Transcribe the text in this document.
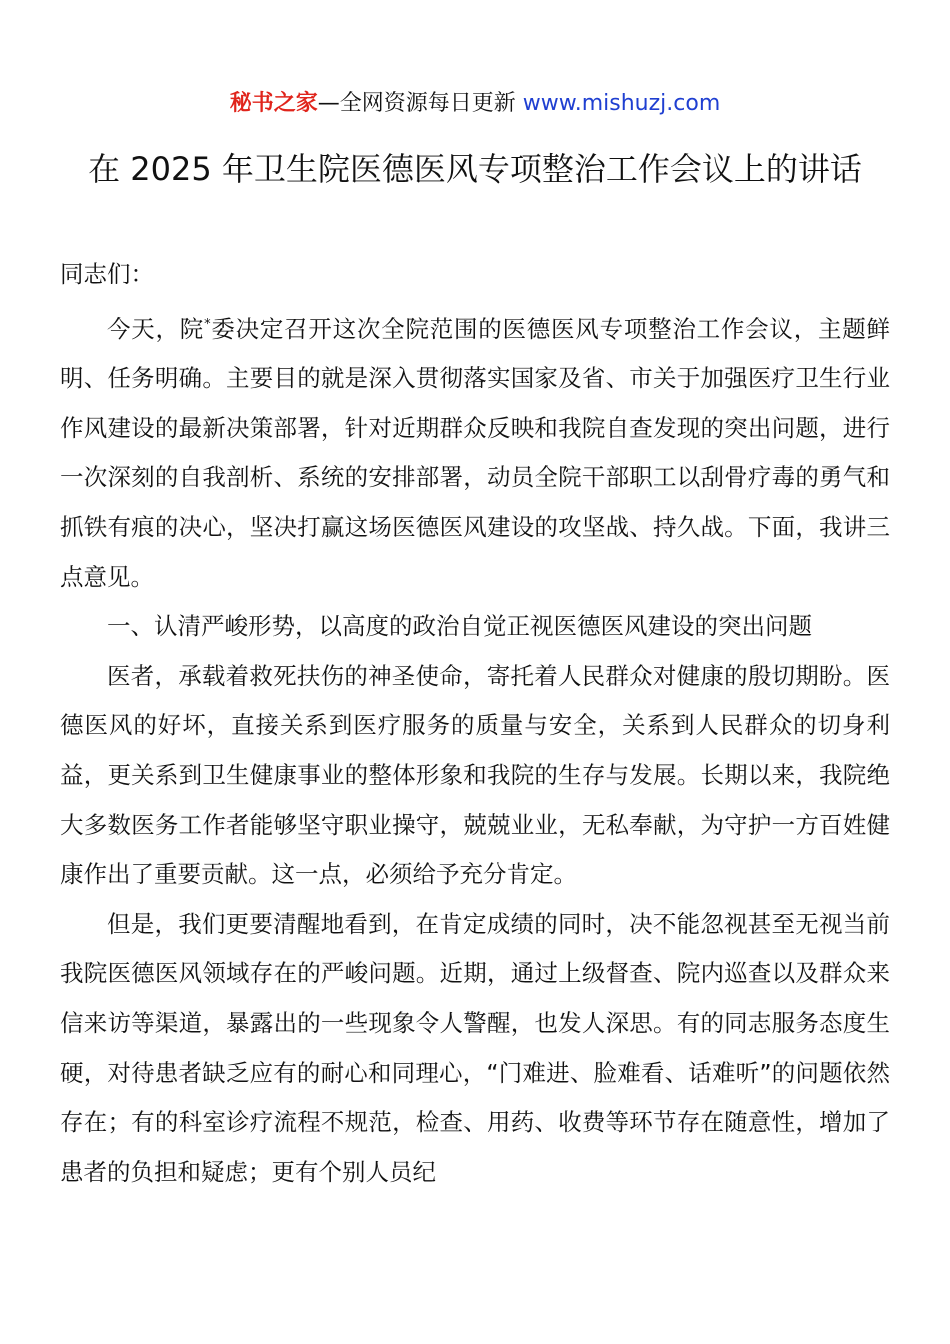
秘书之家—全网资源每日更新 www.mishuzj.com
在 2025 年卫生院医德医风专项整治工作会议上的讲话

同志们：

今天，院*委决定召开这次全院范围的医德医风专项整治工作会议，主题鲜明、任务明确。主要目的就是深入贯彻落实国家及省、市关于加强医疗卫生行业作风建设的最新决策部署，针对近期群众反映和我院自查发现的突出问题，进行一次深刻的自我剖析、系统的安排部署，动员全院干部职工以刮骨疗毒的勇气和抓铁有痕的决心，坚决打赢这场医德医风建设的攻坚战、持久战。下面，我讲三点意见。

一、认清严峻形势，以高度的政治自觉正视医德医风建设的突出问题

医者，承载着救死扶伤的神圣使命，寄托着人民群众对健康的殷切期盼。医德医风的好坏，直接关系到医疗服务的质量与安全，关系到人民群众的切身利益，更关系到卫生健康事业的整体形象和我院的生存与发展。长期以来，我院绝大多数医务工作者能够坚守职业操守，兢兢业业，无私奉献，为守护一方百姓健康作出了重要贡献。这一点，必须给予充分肯定。

但是，我们更要清醒地看到，在肯定成绩的同时，决不能忽视甚至无视当前我院医德医风领域存在的严峻问题。近期，通过上级督查、院内巡查以及群众来信来访等渠道，暴露出的一些现象令人警醒，也发人深思。有的同志服务态度生硬，对待患者缺乏应有的耐心和同理心，“门难进、脸难看、话难听”的问题依然存在；有的科室诊疗流程不规范，检查、用药、收费等环节存在随意性，增加了患者的负担和疑虑；更有个别人员纪
